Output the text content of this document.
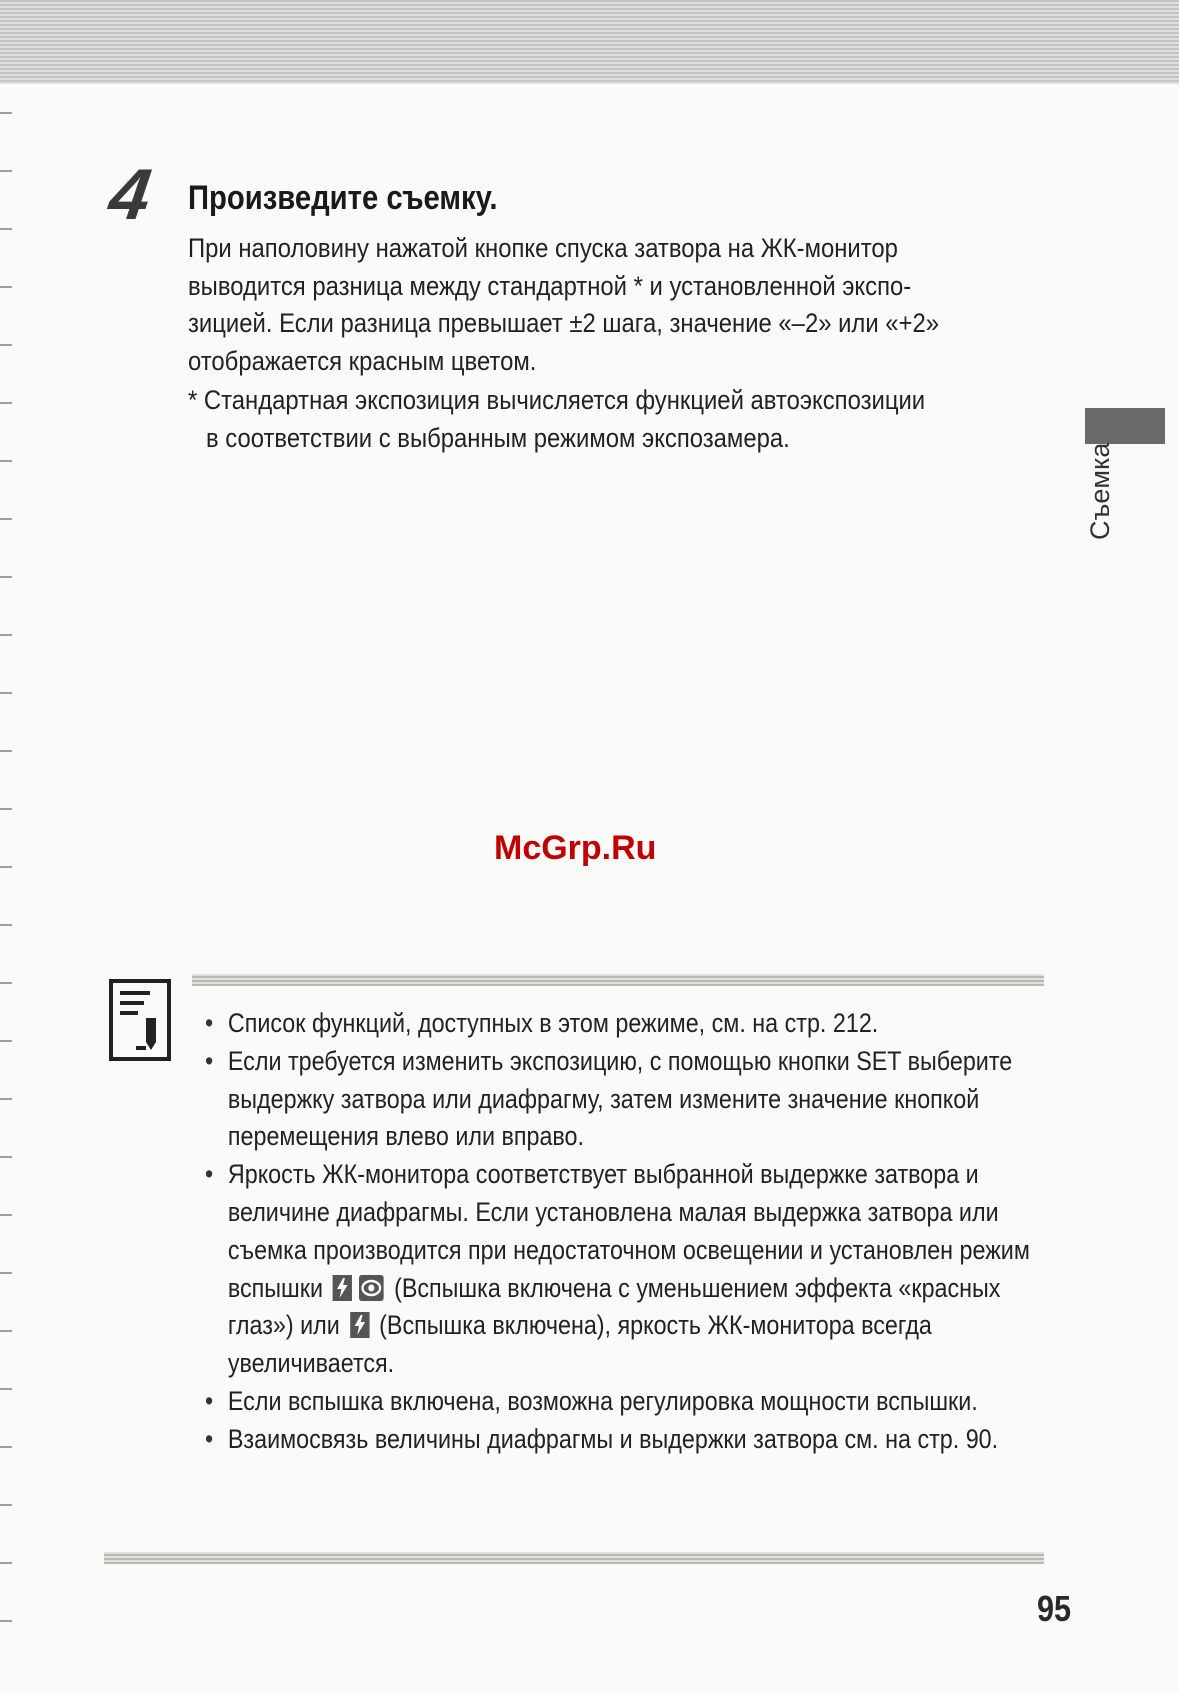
4 Произведите съемку.

При наполовину нажатой кнопке спуска затвора на ЖК-монитор

выводится разница между стандартной * и установленной экспо-

зицией. Если разница превышает ±2 шага, значение «–2» или «+2»

отображается красным цветом.

* Стандартная экспозиция вычисляется функцией автоэкспозиции
в соответствии с выбранным режимом экспозамера.

Съемка
McGrp.Ru
• Список функций, доступных в этом режиме, см. на стр. 212.
• Если требуется изменить экспозицию, с помощью кнопки SET выберите выдержку затвора или диафрагму, затем измените значение кнопкой перемещения влево или вправо.
• Яркость ЖК-монитора соответствует выбранной выдержке затвора и величине диафрагмы. Если установлена малая выдержка затвора или съемка производится при недостаточном освещении и установлен режим вспышки	(Вспышка включена с уменьшением эффекта «красных глаз») или (Вспышка включена), яркость ЖК-монитора всегда увеличивается.
• Если вспышка включена, возможна регулировка мощности вспышки.
• Взаимосвязь величины диафрагмы и выдержки затвора см. на стр. 90.
95
